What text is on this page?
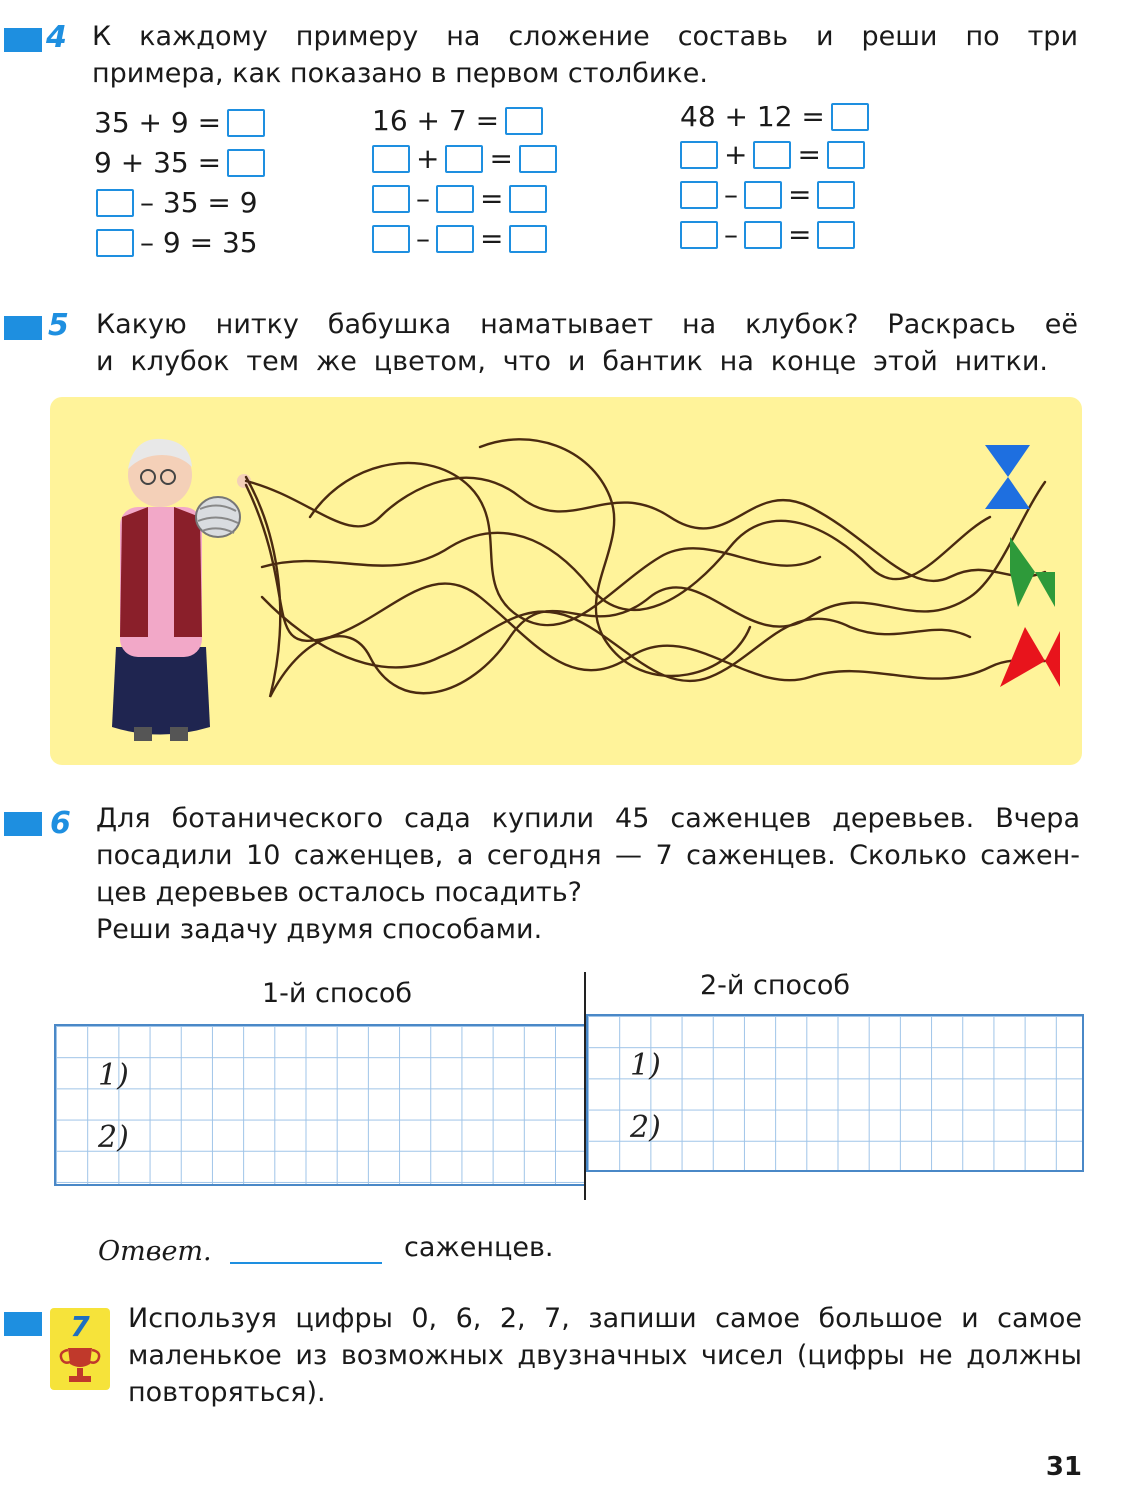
4 К каждому примеру на сложение составь и реши по три
примера, как показано в первом столбике.
35 + 9 =
9 + 35 =
– 35 = 9
– 9 = 35
16 + 7 =
+ =
– =
– =
48 + 12 =
+ =
– =
– =
5 Какую нитку бабушка наматывает на клубок? Раскрась её
и клубок тем же цветом, что и бантик на конце этой нитки.
6 Для ботанического сада купили 45 саженцев деревьев. Вчера
посадили 10 саженцев, а сегодня — 7 саженцев. Сколько сажен-
цев деревьев осталось посадить?
Реши задачу двумя способами.
1-й способ	2-й способ
1)
2)
1)
2)
Ответ.	саженцев.
7	Используя цифры 0, 6, 2, 7, запиши самое большое и самое
маленькое из возможных двузначных чисел (цифры не должны
повторяться).
31
